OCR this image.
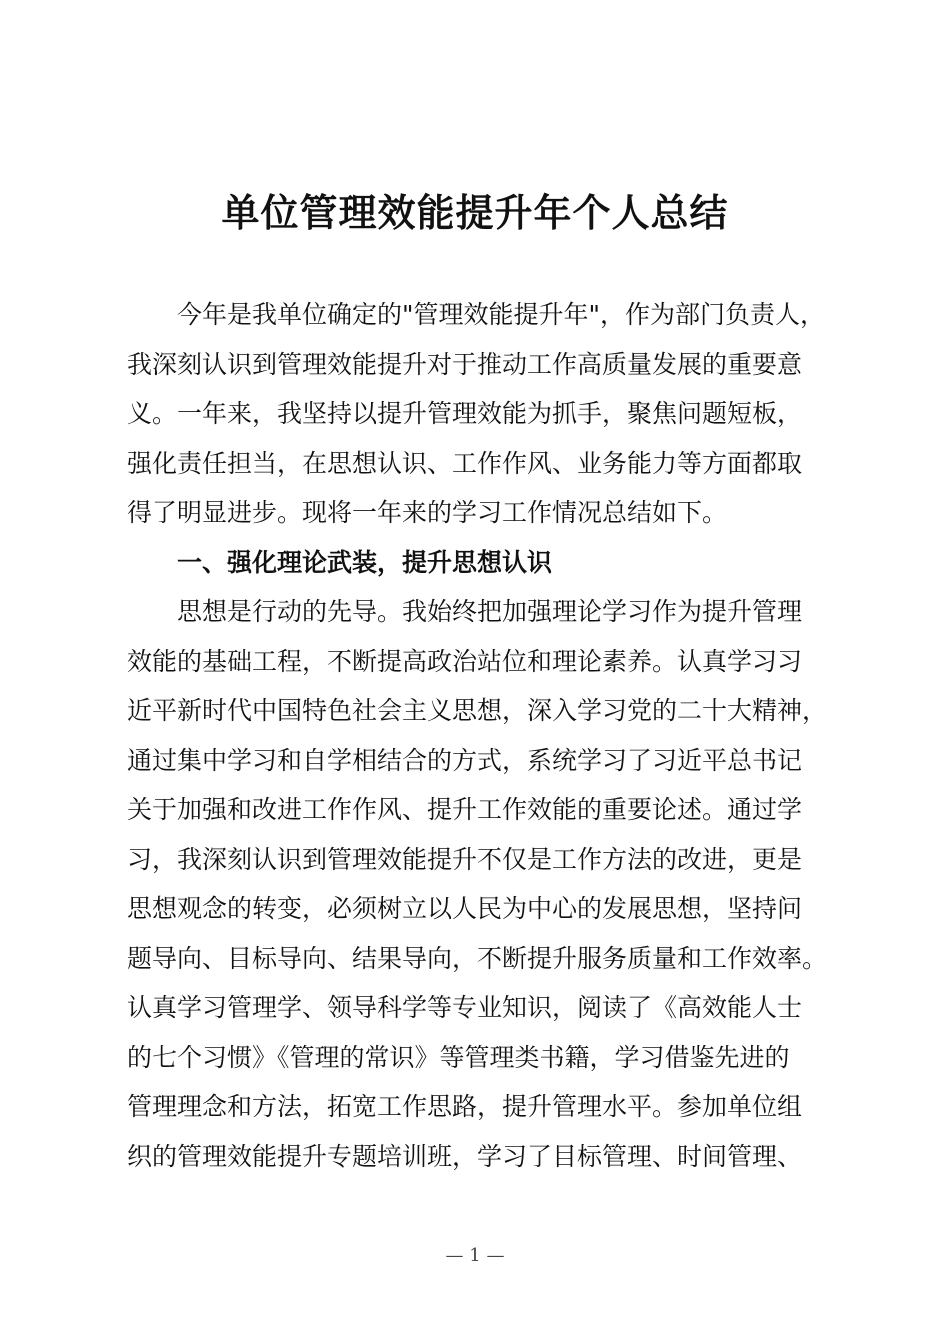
单位管理效能提升年个人总结
今年是我单位确定的"管理效能提升年"，作为部门负责人，
我深刻认识到管理效能提升对于推动工作高质量发展的重要意
义。一年来，我坚持以提升管理效能为抓手，聚焦问题短板，
强化责任担当，在思想认识、工作作风、业务能力等方面都取
得了明显进步。现将一年来的学习工作情况总结如下。
一、强化理论武装，提升思想认识
思想是行动的先导。我始终把加强理论学习作为提升管理
效能的基础工程，不断提高政治站位和理论素养。认真学习习
近平新时代中国特色社会主义思想，深入学习党的二十大精神，
通过集中学习和自学相结合的方式，系统学习了习近平总书记
关于加强和改进工作作风、提升工作效能的重要论述。通过学
习，我深刻认识到管理效能提升不仅是工作方法的改进，更是
思想观念的转变，必须树立以人民为中心的发展思想，坚持问
题导向、目标导向、结果导向，不断提升服务质量和工作效率。
认真学习管理学、领导科学等专业知识，阅读了《高效能人士
的七个习惯》《管理的常识》等管理类书籍，学习借鉴先进的
管理理念和方法，拓宽工作思路，提升管理水平。参加单位组
织的管理效能提升专题培训班，学习了目标管理、时间管理、
— 1 —
